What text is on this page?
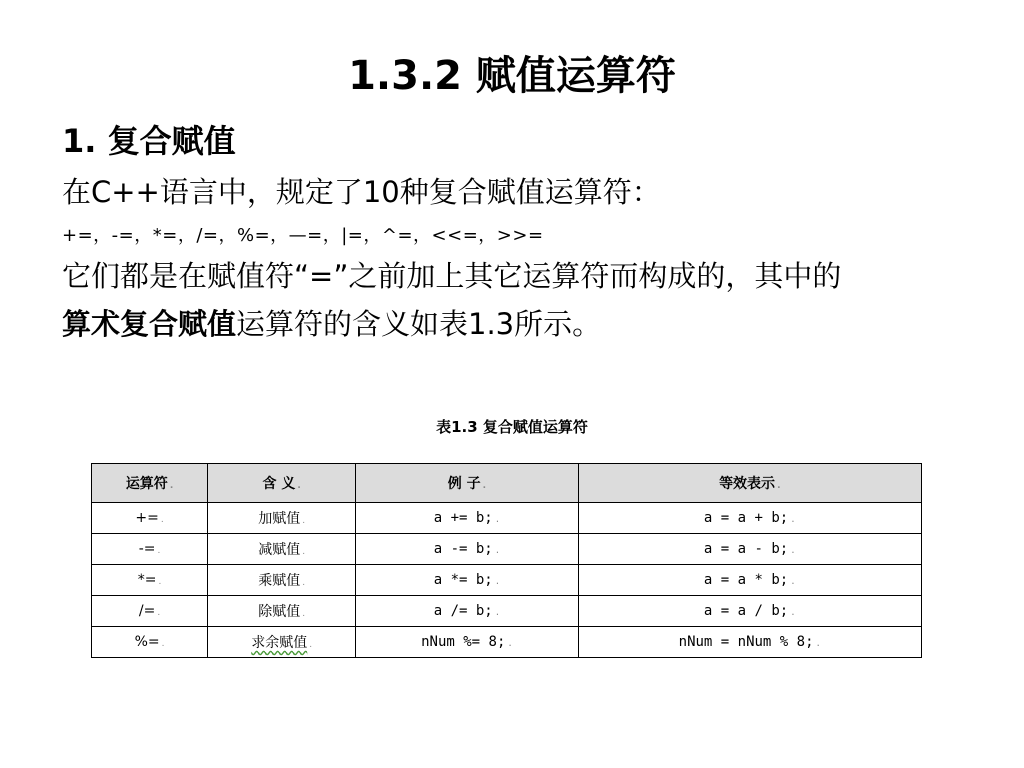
1.3.2 赋值运算符

1. 复合赋值

在C++语言中，规定了10种复合赋值运算符：

+=，-=，*=，/=，%=，—=，|=，^=，<<=，>>=

它们都是在赋值符“=”之前加上其它运算符而构成的，其中的

算术复合赋值运算符的含义如表1.3所示。

表1.3 复合赋值运算符
运算符 .	含 义 .	例 子 .	等效表示 .
+= .	加赋值 .	a += b; .	a = a + b; .
-= .	减赋值 .	a -= b; .	a = a - b; .
*= .	乘赋值 .	a *= b; .	a = a * b; .
/= .	除赋值 .	a /= b; .	a = a / b; .
%= .	求余赋值 .	nNum %= 8; .	nNum = nNum % 8; .
